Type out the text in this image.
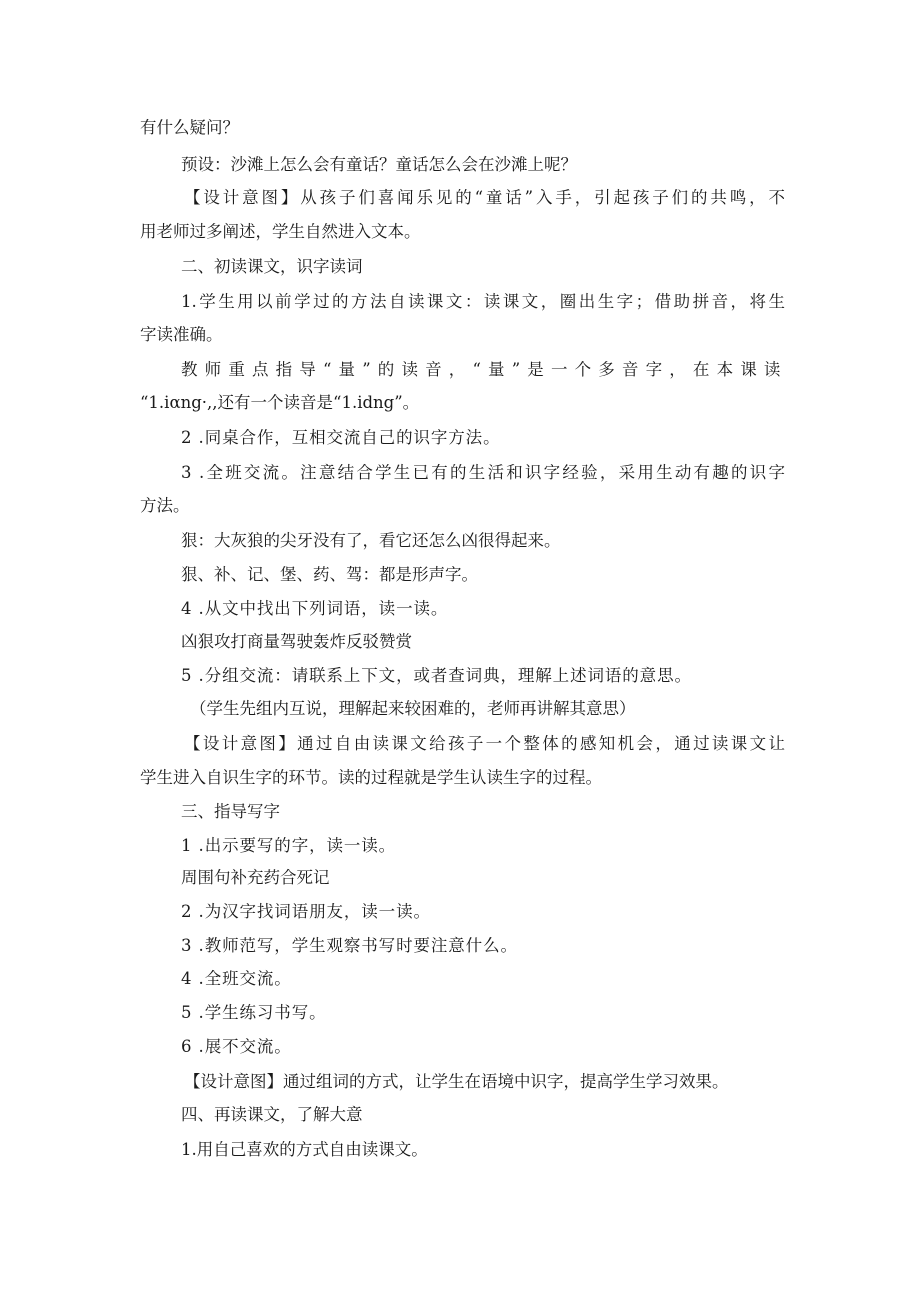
有什么疑问？
预设：沙滩上怎么会有童话？童话怎么会在沙滩上呢？
【设计意图】从孩子们喜闻乐见的“童话”入手，引起孩子们的共鸣，不
用老师过多阐述，学生自然进入文本。
二、初读课文，识字读词
1.学生用以前学过的方法自读课文：读课文，圈出生字；借助拼音，将生
字读准确。
教师重点指导“量”的读音，“量”是一个多音字，在本课读
“1.iαng·,,还有一个读音是“1.idng”。
2 .同桌合作，互相交流自己的识字方法。
3 .全班交流。注意结合学生已有的生活和识字经验，采用生动有趣的识字
方法。
狠：大灰狼的尖牙没有了，看它还怎么凶很得起来。
狠、补、记、堡、药、驾：都是形声字。
4 .从文中找出下列词语，读一读。
凶狠攻打商量驾驶轰炸反驳赞赏
5 .分组交流：请联系上下文，或者查词典，理解上述词语的意思。
（学生先组内互说，理解起来较困难的，老师再讲解其意思）
【设计意图】通过自由读课文给孩子一个整体的感知机会，通过读课文让
学生进入自识生字的环节。读的过程就是学生认读生字的过程。
三、指导写字
1 .出示要写的字，读一读。
周围句补充药合死记
2 .为汉字找词语朋友，读一读。
3 .教师范写，学生观察书写时要注意什么。
4 .全班交流。
5 .学生练习书写。
6 .展不交流。
【设计意图】通过组词的方式，让学生在语境中识字，提高学生学习效果。
四、再读课文，了解大意
1.用自己喜欢的方式自由读课文。
